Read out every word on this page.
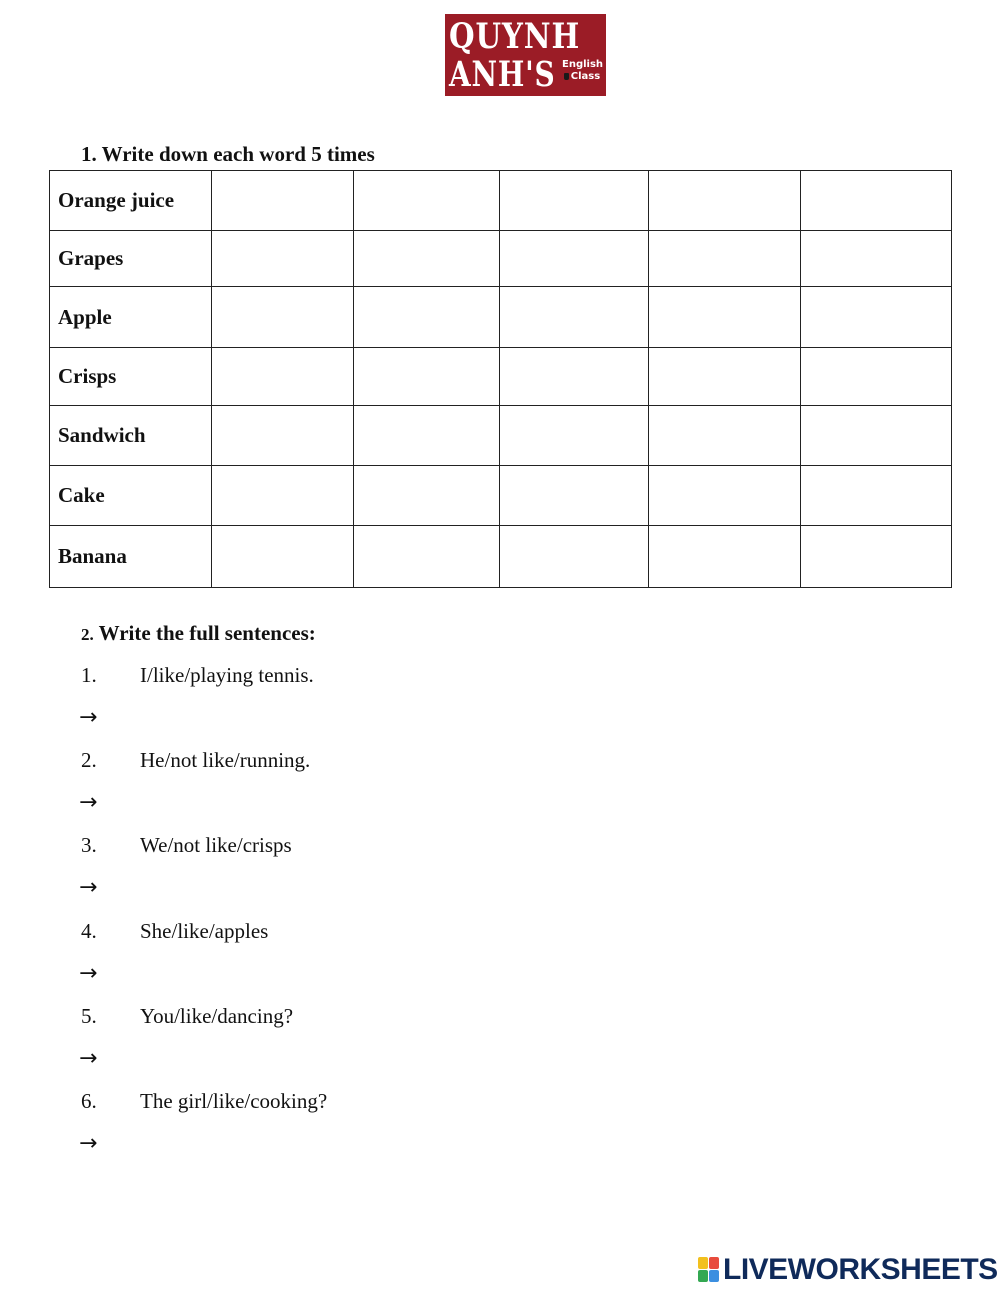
QUYNH
ANH'S English
Class
1. Write down each word 5 times
Orange juice					
Grapes					
Apple					
Crisps					
Sandwich					
Cake					
Banana					
2. Write the full sentences:
1. I/like/playing tennis.
→
2. He/not like/running.
→
3. We/not like/crisps
→
4. She/like/apples
→
5. You/like/dancing?
→
6. The girl/like/cooking?
→
LIVEWORKSHEETS
